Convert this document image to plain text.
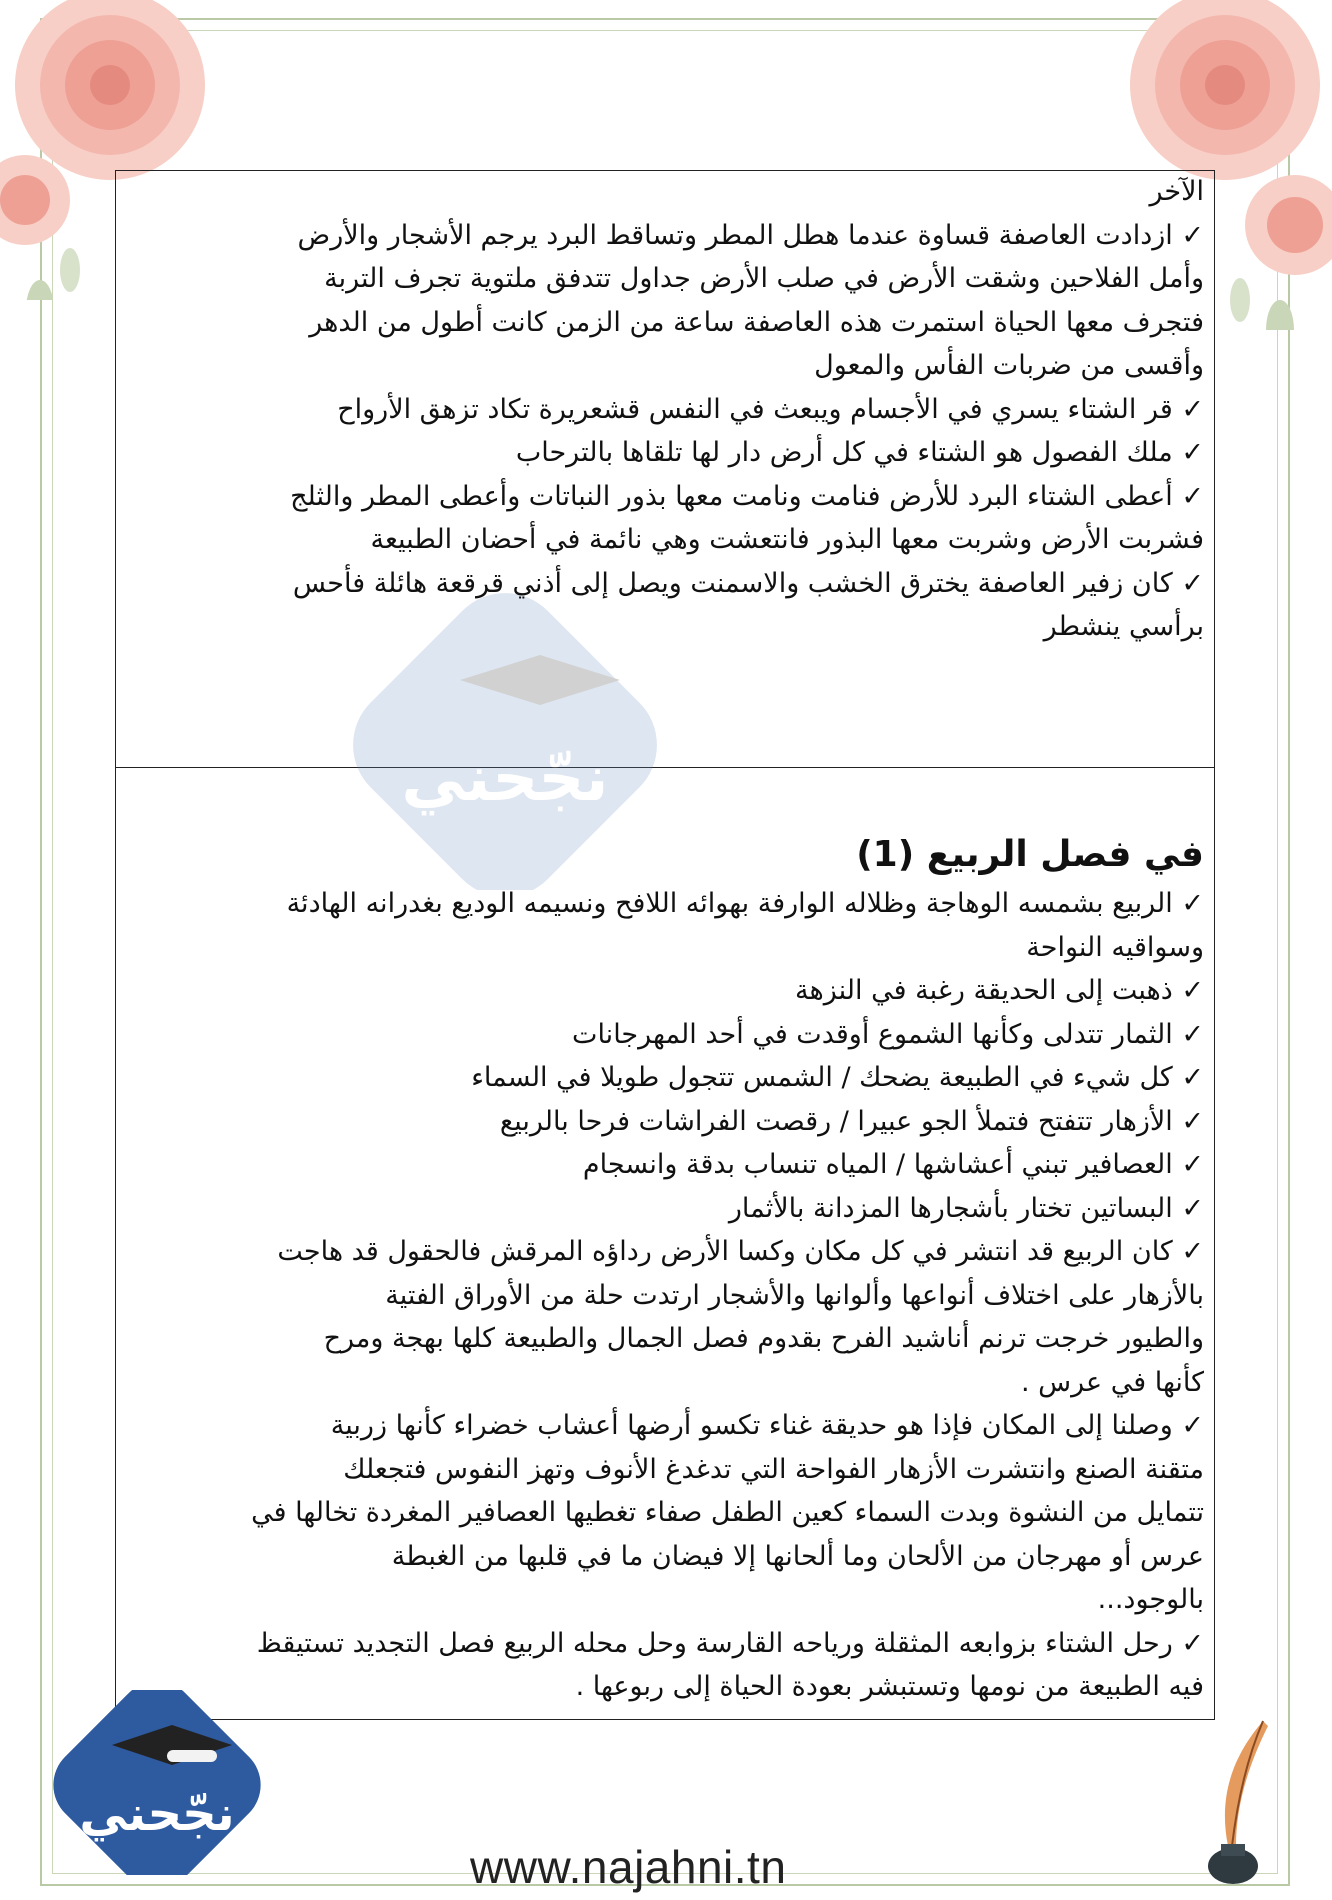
نجّحني
الآخر
✓ ازدادت العاصفة قساوة عندما هطل المطر وتساقط البرد يرجم الأشجار والأرض
وأمل الفلاحين وشقت الأرض في صلب الأرض جداول تتدفق ملتوية تجرف التربة
فتجرف معها الحياة استمرت هذه العاصفة ساعة من الزمن كانت أطول من الدهر
وأقسى من ضربات الفأس والمعول
✓ قر الشتاء يسري في الأجسام ويبعث في النفس قشعريرة تكاد تزهق الأرواح
✓ ملك الفصول هو الشتاء في كل أرض دار لها تلقاها بالترحاب
✓ أعطى الشتاء البرد للأرض فنامت ونامت معها بذور النباتات وأعطى المطر والثلج
فشربت الأرض وشربت معها البذور فانتعشت وهي نائمة في أحضان الطبيعة
✓ كان زفير العاصفة يخترق الخشب والاسمنت ويصل إلى أذني قرقعة هائلة فأحس
برأسي ينشطر
في فصل الربيع (1)
✓ الربيع بشمسه الوهاجة وظلاله الوارفة بهوائه اللافح ونسيمه الوديع بغدرانه الهادئة
وسواقيه النواحة
✓ ذهبت إلى الحديقة رغبة في النزهة
✓ الثمار تتدلى وكأنها الشموع أوقدت في أحد المهرجانات
✓ كل شيء في الطبيعة يضحك / الشمس تتجول طويلا في السماء
✓ الأزهار تتفتح فتملأ الجو عبيرا / رقصت الفراشات فرحا بالربيع
✓ العصافير تبني أعشاشها / المياه تنساب بدقة وانسجام
✓ البساتين تختار بأشجارها المزدانة بالأثمار
✓ كان الربيع قد انتشر في كل مكان وكسا الأرض رداؤه المرقش فالحقول قد هاجت
بالأزهار على اختلاف أنواعها وألوانها والأشجار ارتدت حلة من الأوراق الفتية
والطيور خرجت ترنم أناشيد الفرح بقدوم فصل الجمال والطبيعة كلها بهجة ومرح
كأنها في عرس .
✓ وصلنا إلى المكان فإذا هو حديقة غناء تكسو أرضها أعشاب خضراء كأنها زربية
متقنة الصنع وانتشرت الأزهار الفواحة التي تدغدغ الأنوف وتهز النفوس فتجعلك
تتمايل من النشوة وبدت السماء كعين الطفل صفاء تغطيها العصافير المغردة تخالها في
عرس أو مهرجان من الألحان وما ألحانها إلا فيضان ما في قلبها من الغبطة
بالوجود...
✓ رحل الشتاء بزوابعه المثقلة ورياحه القارسة وحل محله الربيع فصل التجديد تستيقظ
فيه الطبيعة من نومها وتستبشر بعودة الحياة إلى ربوعها .
نجّحني
www.najahni.tn
